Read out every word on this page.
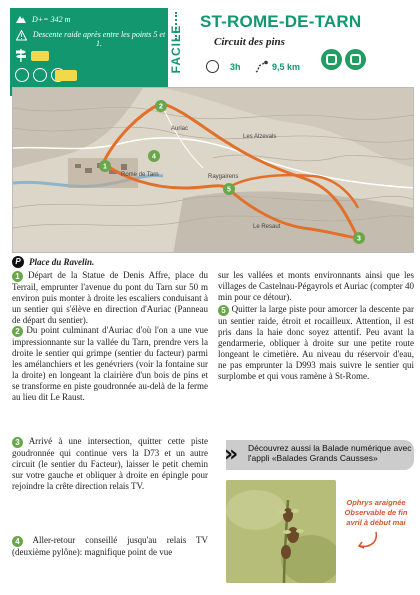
D+= 342 m
Descente raide après entre les points 5 et 1.	FACILE
ST-ROME-DE-TARN
Circuit des pins
3h	9,5 km
Auriac
Rome de Tarn	Raygairens
Les Alzevals
Le Resaut
1
2
3
4
5
P Place du Ravelin.
1 Départ de la Statue de Denis Affre, place du Terrail, emprunter l'avenue du pont du Tarn sur 50 m environ puis monter à droite les escaliers conduisant à un sentier qui s'élève en direction d'Auriac (Panneau de départ du sentier).
2 Du point culminant d'Auriac d'où l'on a une vue impressionnante sur la vallée du Tarn, prendre vers la droite le sentier qui grimpe (sentier du facteur) parmi les amélanchiers et les genévriers (voir la fontaine sur la droite) en longeant la clairière d'un bois de pins et se transforme en piste goudronnée au-delà de la ferme au lieu dit Le Raust.
3 Arrivé à une intersection, quitter cette piste goudronnée qui continue vers la D73 et un autre circuit (le sentier du Facteur), laisser le petit chemin sur votre gauche et obliquer à droite en épingle pour rejoindre la crête direction relais TV.
4 Aller-retour conseillé jusqu'au relais TV (deuxième pylône): magnifique point de vue
sur les vallées et monts environnants ainsi que les villages de Castelnau-Pégayrols et Auriac (compter 40 min pour ce détour).
5 Quitter la large piste pour amorcer la descente par un sentier raide, étroit et rocailleux. Attention, il est pris dans la haie donc soyez attentif. Peu avant la gendarmerie, obliquer à droite sur une petite route longeant le cimetière. Au niveau du réservoir d'eau, ne pas emprunter la D993 mais suivre le sentier qui surplombe et qui vous ramène à St-Rome.
» Découvrez aussi la Balade numérique avec l'appli «Balades Grands Causses»
Ophrys araignée Observable de fin avril à début mai
